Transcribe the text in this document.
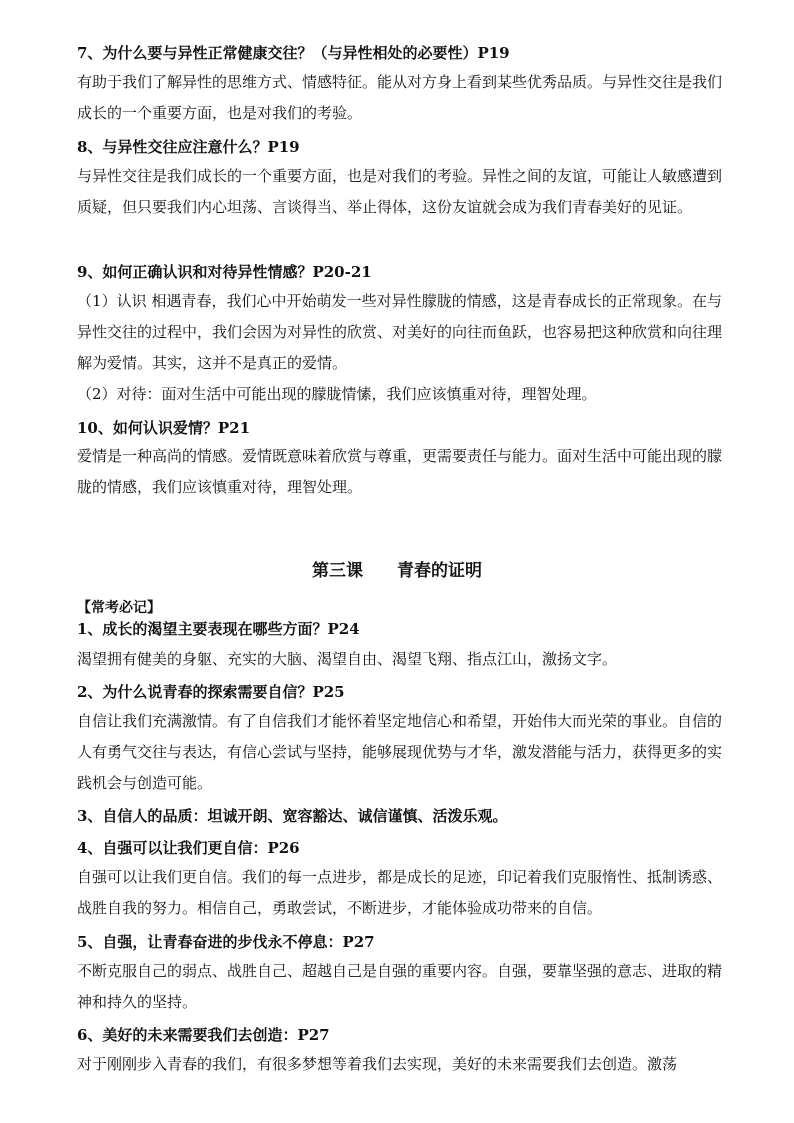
7、为什么要与异性正常健康交往？（与异性相处的必要性）P19
有助于我们了解异性的思维方式、情感特征。能从对方身上看到某些优秀品质。与异性交往是我们成长的一个重要方面，也是对我们的考验。
8、与异性交往应注意什么？P19
与异性交往是我们成长的一个重要方面，也是对我们的考验。异性之间的友谊，可能让人敏感遭到质疑，但只要我们内心坦荡、言谈得当、举止得体，这份友谊就会成为我们青春美好的见证。
9、如何正确认识和对待异性情感？P20-21
（1）认识 相遇青春，我们心中开始萌发一些对异性朦胧的情感，这是青春成长的正常现象。在与异性交往的过程中，我们会因为对异性的欣赏、对美好的向往而鱼跃，也容易把这种欣赏和向往理解为爱情。其实，这并不是真正的爱情。
（2）对待：面对生活中可能出现的朦胧情愫，我们应该慎重对待，理智处理。
10、如何认识爱情？P21
爱情是一种高尚的情感。爱情既意味着欣赏与尊重，更需要责任与能力。面对生活中可能出现的朦胧的情感，我们应该慎重对待，理智处理。
第三课 青春的证明
【常考必记】
1、成长的渴望主要表现在哪些方面？P24
渴望拥有健美的身躯、充实的大脑、渴望自由、渴望飞翔、指点江山，激扬文字。
2、为什么说青春的探索需要自信？P25
自信让我们充满激情。有了自信我们才能怀着坚定地信心和希望，开始伟大而光荣的事业。自信的人有勇气交往与表达，有信心尝试与坚持，能够展现优势与才华，激发潜能与活力，获得更多的实践机会与创造可能。
3、自信人的品质：坦诚开朗、宽容豁达、诚信谨慎、活泼乐观。
4、自强可以让我们更自信：P26
自强可以让我们更自信。我们的每一点进步，都是成长的足迹，印记着我们克服惰性、抵制诱惑、战胜自我的努力。相信自己，勇敢尝试，不断进步，才能体验成功带来的自信。
5、自强，让青春奋进的步伐永不停息：P27
不断克服自己的弱点、战胜自己、超越自己是自强的重要内容。自强，要靠坚强的意志、进取的精神和持久的坚持。
6、美好的未来需要我们去创造：P27
对于刚刚步入青春的我们，有很多梦想等着我们去实现，美好的未来需要我们去创造。激荡
